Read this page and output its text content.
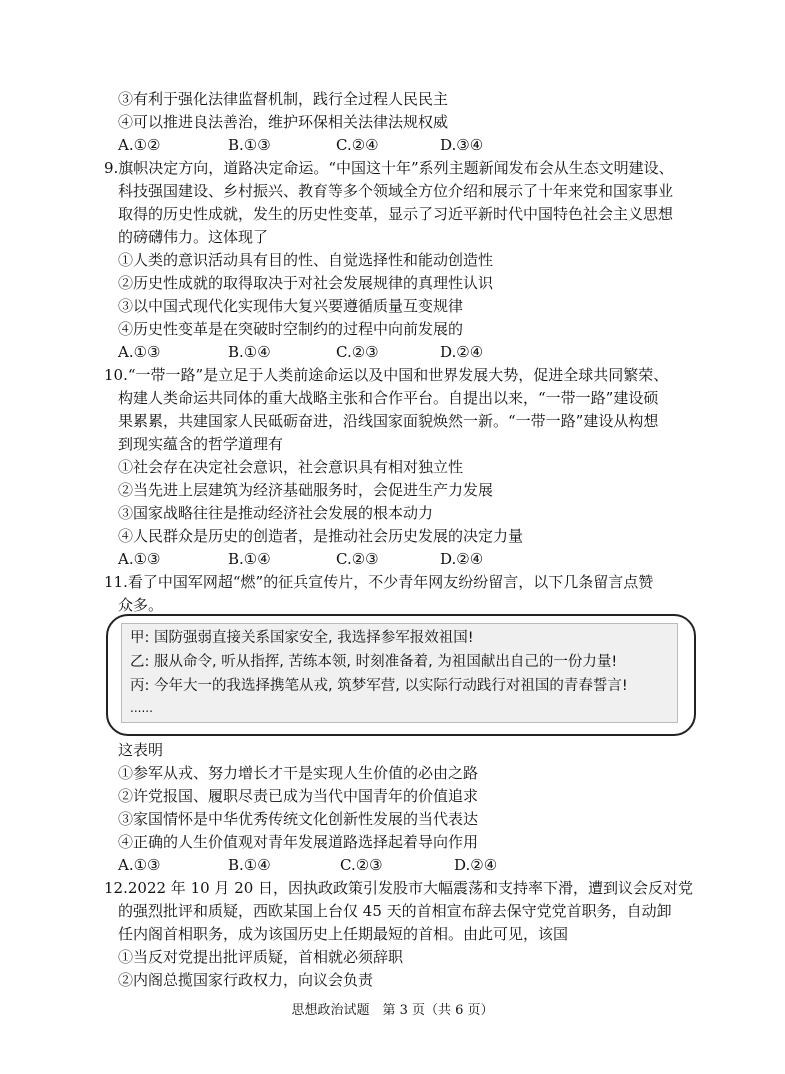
③有利于强化法律监督机制，践行全过程人民民主
④可以推进良法善治，维护环保相关法律法规权威
A.①②	B.①③	C.②④	D.③④
9.旗帜决定方向，道路决定命运。“中国这十年”系列主题新闻发布会从生态文明建设、
科技强国建设、乡村振兴、教育等多个领域全方位介绍和展示了十年来党和国家事业
取得的历史性成就，发生的历史性变革，显示了习近平新时代中国特色社会主义思想
的磅礴伟力。这体现了
①人类的意识活动具有目的性、自觉选择性和能动创造性
②历史性成就的取得取决于对社会发展规律的真理性认识
③以中国式现代化实现伟大复兴要遵循质量互变规律
④历史性变革是在突破时空制约的过程中向前发展的
A.①③	B.①④	C.②③	D.②④
10.“一带一路”是立足于人类前途命运以及中国和世界发展大势，促进全球共同繁荣、
构建人类命运共同体的重大战略主张和合作平台。自提出以来，“一带一路”建设硕
果累累，共建国家人民砥砺奋进，沿线国家面貌焕然一新。“一带一路”建设从构想
到现实蕴含的哲学道理有
①社会存在决定社会意识，社会意识具有相对独立性
②当先进上层建筑为经济基础服务时，会促进生产力发展
③国家战略往往是推动经济社会发展的根本动力
④人民群众是历史的创造者，是推动社会历史发展的决定力量
A.①③	B.①④	C.②③	D.②④
11.看了中国军网超“燃”的征兵宣传片，不少青年网友纷纷留言，以下几条留言点赞
众多。
甲: 国防强弱直接关系国家安全, 我选择参军报效祖国!
乙: 服从命令, 听从指挥, 苦练本领, 时刻准备着, 为祖国献出自己的一份力量!
丙: 今年大一的我选择携笔从戎, 筑梦军营, 以实际行动践行对祖国的青春誓言!
......
这表明
①参军从戎、努力增长才干是实现人生价值的必由之路
②许党报国、履职尽责已成为当代中国青年的价值追求
③家国情怀是中华优秀传统文化创新性发展的当代表达
④正确的人生价值观对青年发展道路选择起着导向作用
A.①③	B.①④	C.②③	D.②④
12.2022 年 10 月 20 日，因执政政策引发股市大幅震荡和支持率下滑，遭到议会反对党
的强烈批评和质疑，西欧某国上台仅 45 天的首相宣布辞去保守党党首职务，自动卸
任内阁首相职务，成为该国历史上任期最短的首相。由此可见，该国
①当反对党提出批评质疑，首相就必须辞职
②内阁总揽国家行政权力，向议会负责
思想政治试题　第 3 页（共 6 页）
